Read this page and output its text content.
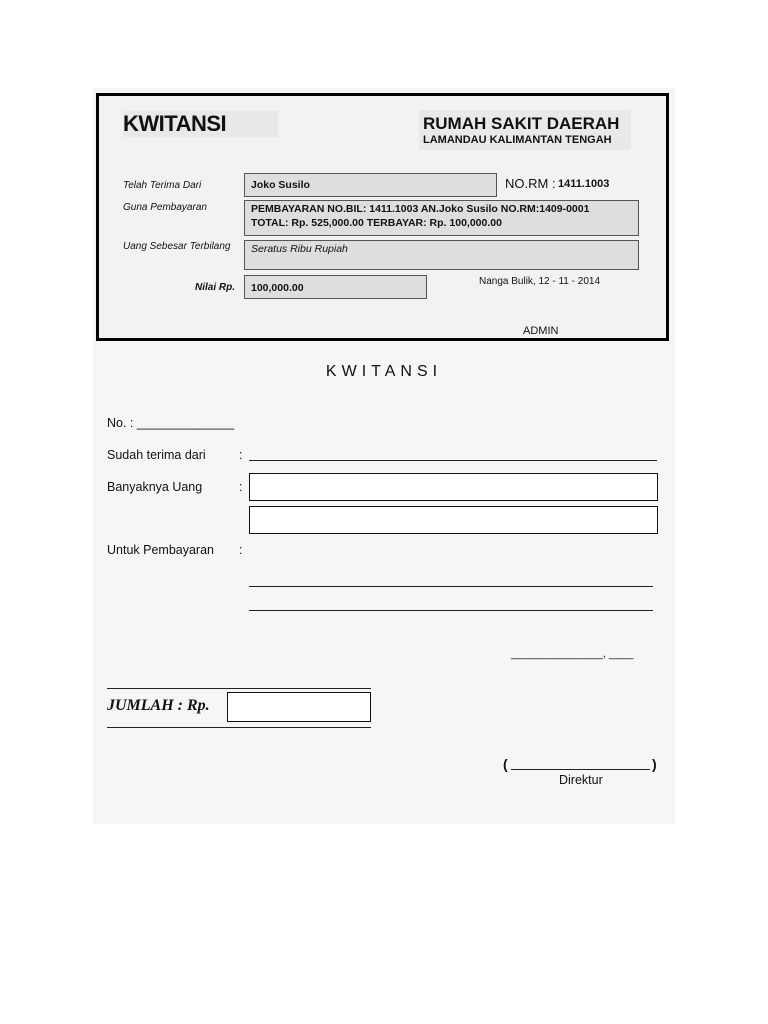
KWITANSI	RUMAH SAKIT DAERAH
LAMANDAU KALIMANTAN TENGAH
Telah Terima Dari	Joko Susilo	NO.RM : 1411.1003
Guna Pembayaran	PEMBAYARAN NO.BIL: 1411.1003 AN.Joko Susilo NO.RM:1409-0001
TOTAL: Rp. 525,000.00 TERBAYAR: Rp. 100,000.00
Uang Sebesar Terbilang	Seratus Ribu Rupiah
Nilai Rp.	100,000.00
Nanga Bulik, 12 - 11 - 2014
ADMIN
KWITANSI
No. : ______________
Sudah terima dari	:
Banyaknya Uang	:
Untuk Pembayaran :
_______________, ____
JUMLAH : Rp.
(	)
Direktur
